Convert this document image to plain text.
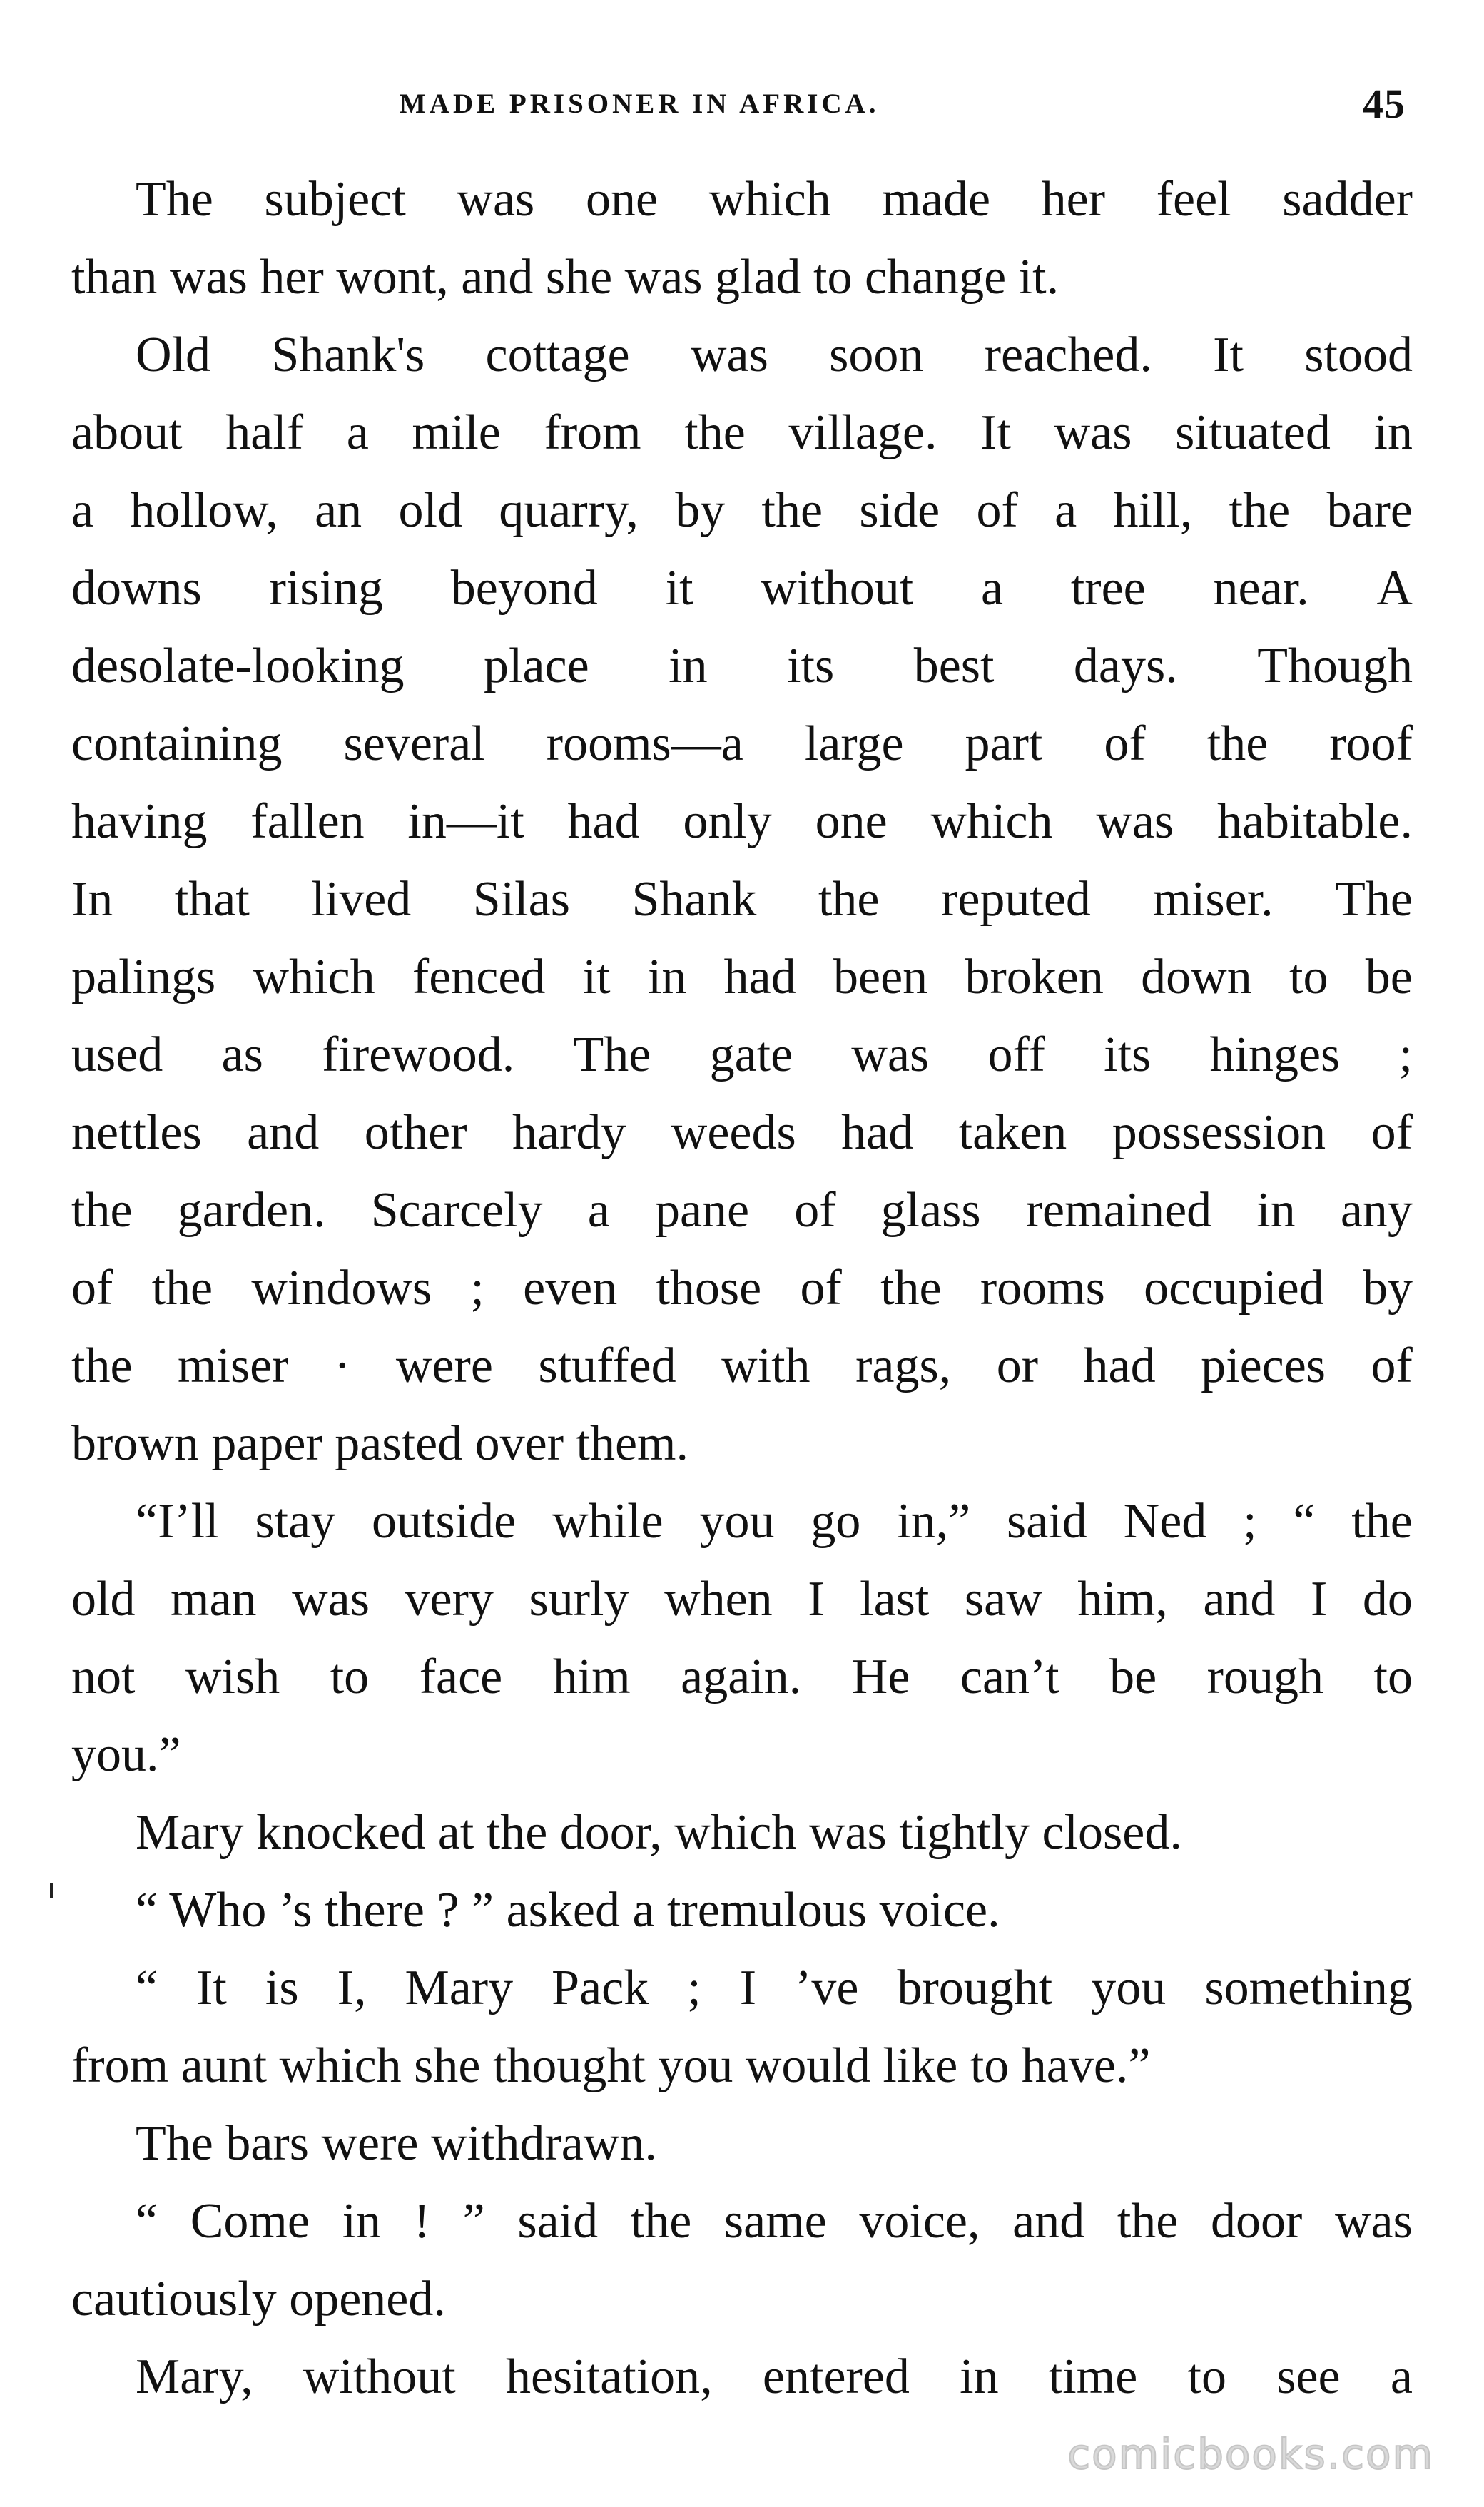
MADE PRISONER IN AFRICA.	45
The subject was one which made her feel sadder
than was her wont, and she was glad to change it.
Old Shank's cottage was soon reached. It stood
about half a mile from the village. It was situated in
a hollow, an old quarry, by the side of a hill, the bare
downs rising beyond it without a tree near. A
desolate-looking place in its best days. Though
containing several rooms—a large part of the roof
having fallen in—it had only one which was habitable.
In that lived Silas Shank the reputed miser. The
palings which fenced it in had been broken down to be
used as firewood. The gate was off its hinges ;
nettles and other hardy weeds had taken possession of
the garden. Scarcely a pane of glass remained in any
of the windows ; even those of the rooms occupied by
the miser · were stuffed with rags, or had pieces of
brown paper pasted over them.
“I’ll stay outside while you go in,” said Ned ; “ the
old man was very surly when I last saw him, and I do
not wish to face him again. He can’t be rough to
you.”
Mary knocked at the door, which was tightly closed.
“ Who ’s there ? ” asked a tremulous voice.
“ It is I, Mary Pack ; I ’ve brought you something
from aunt which she thought you would like to have.”
The bars were withdrawn.
“ Come in ! ” said the same voice, and the door was
cautiously opened.
Mary, without hesitation, entered in time to see a
comicbooks.com
